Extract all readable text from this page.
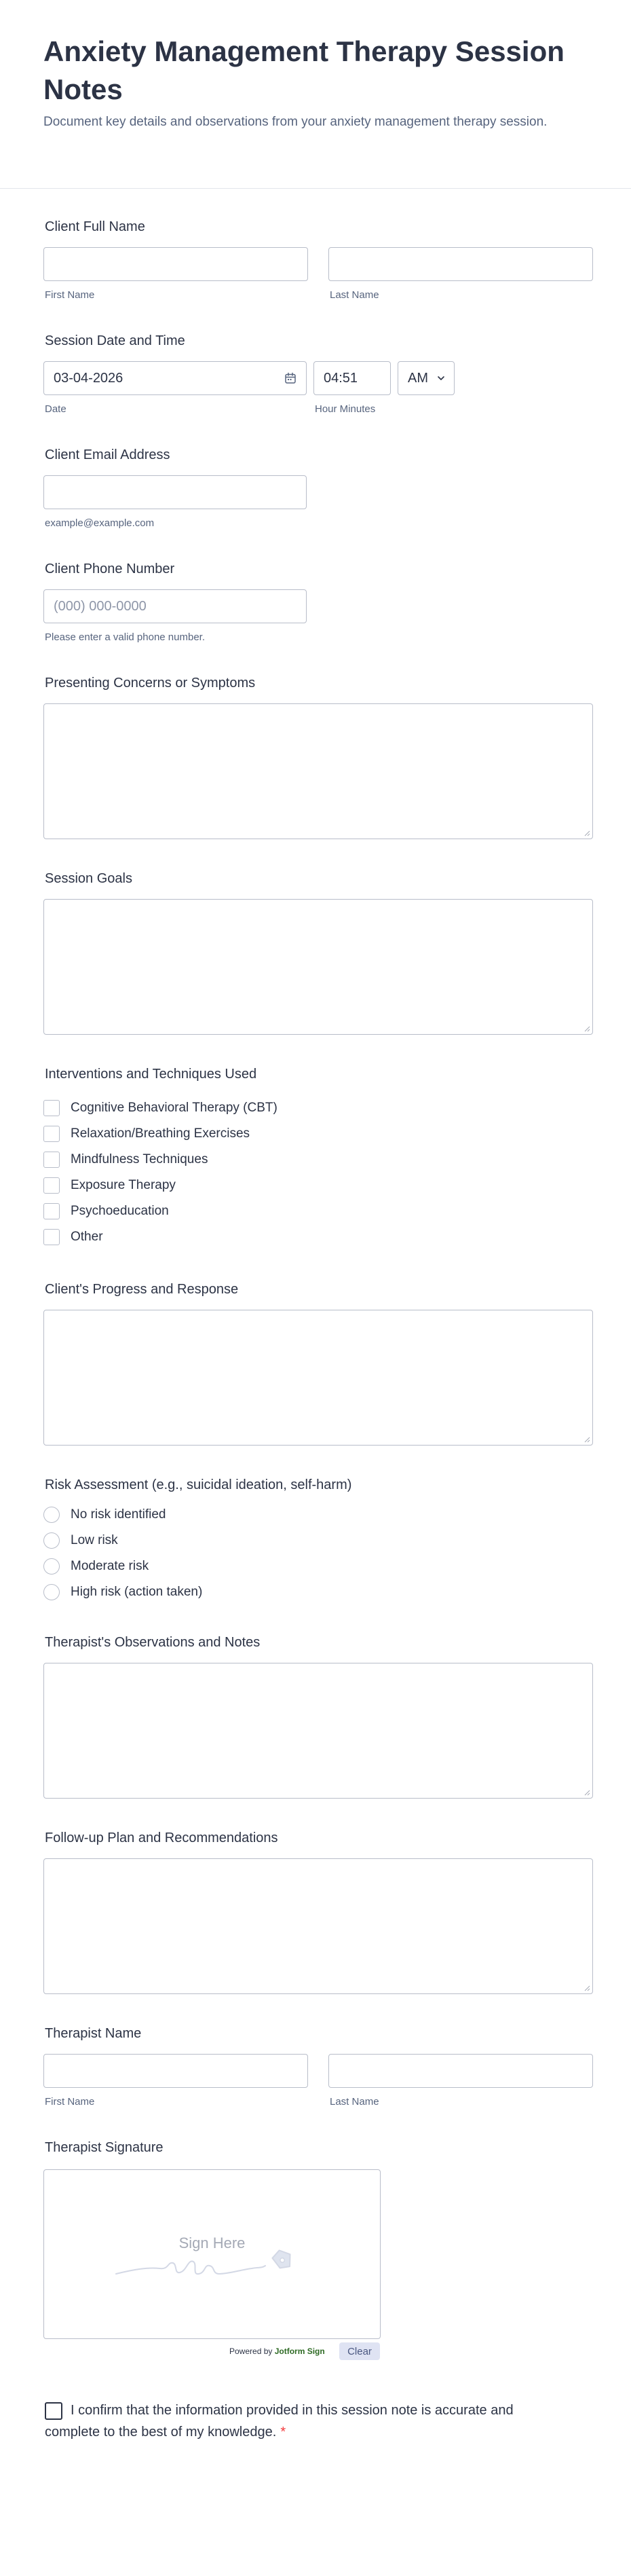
Anxiety Management Therapy Session Notes

Document key details and observations from your anxiety management therapy session.

Client Full Name
First Name	Last Name
Session Date and Time
03-04-2026	04:51	AM
Date	Hour Minutes
Client Email Address
example@example.com
Client Phone Number
(000) 000-0000
Please enter a valid phone number.
Presenting Concerns or Symptoms
Session Goals
Interventions and Techniques Used
Cognitive Behavioral Therapy (CBT)
Relaxation/Breathing Exercises
Mindfulness Techniques
Exposure Therapy
Psychoeducation
Other
Client's Progress and Response
Risk Assessment (e.g., suicidal ideation, self-harm)
No risk identified
Low risk
Moderate risk
High risk (action taken)
Therapist's Observations and Notes
Follow-up Plan and Recommendations
Therapist Name
First Name	Last Name
Therapist Signature
Sign Here
Powered by Jotform Sign	Clear
I confirm that the information provided in this session note is accurate and complete to the best of my knowledge. *
